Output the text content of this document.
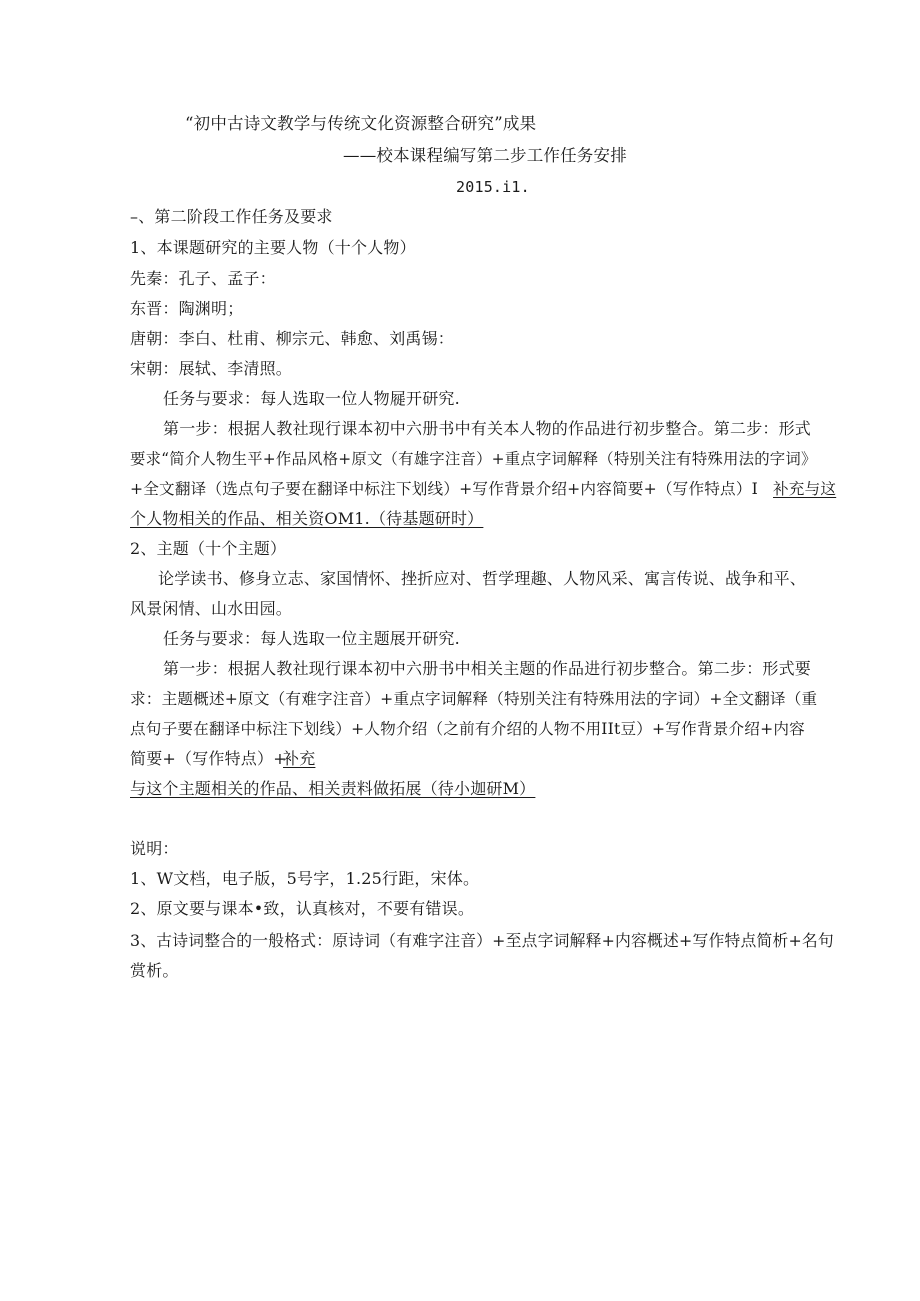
“初中古诗文教学与传统文化资源整合研究”成果
——校本课程编写第二步工作任务安排
2015.i1.
–、第二阶段工作任务及要求
1、本课题研究的主要人物（十个人物）
先秦：孔子、孟子：
东晋：陶渊明；
唐朝：李白、杜甫、柳宗元、韩愈、刘禹锡：
宋朝：展轼、李清照。
任务与要求：每人选取一位人物屣开研究.
第一步：根据人教社现行课本初中六册书中有关本人物的作品进行初步整合。第二步：形式
要求“简介人物生平+作品风格+原文（有雄字注音）+重点字词解释（特别关注有特殊用法的字词》
+全文翻译（选点句子要在翻译中标注下划线）+写作背景介绍+内容简要+（写作特点）I 补充与这
个人物相关的作品、相关资OM1.（待基题研时）
2、主题（十个主题）
论学读书、修身立志、家国情怀、挫折应对、哲学理趣、人物风采、寓言传说、战争和平、
风景闲情、山水田园。
任务与要求：每人选取一位主题展开研究.
第一步：根据人教社现行课本初中六册书中相关主题的作品进行初步整合。第二步：形式要
求：主题概述+原文（有难字注音）+重点字词解释（特别关注有特殊用法的字词）+全文翻译（重
点句子要在翻译中标注下划线）+人物介绍（之前有介绍的人物不用IIt豆）+写作背景介绍+内容
简要+（写作特点）+
补充
与这个主题相关的作品、相关责料做拓展（待小迦研M）
说明：
1、W文档，电子版，5号字，1.25行距，宋体。
2、原文要与课本•致，认真核对，不要有错误。
3、古诗词整合的一般格式：原诗词（有难字注音）+至点字词解释+内容概述+写作特点简析+名句
赏析。
